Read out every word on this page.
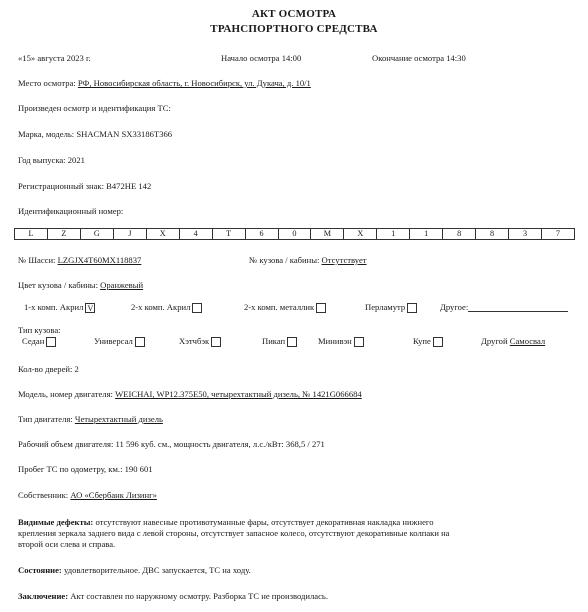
АКТ ОСМОТРА
ТРАНСПОРТНОГО СРЕДСТВА
«15» августа 2023 г.	Начало осмотра 14:00	Окончание осмотра 14:30
Место осмотра: РФ, Новосибирская область, г. Новосибирск, ул. Дукача, д. 10/1
Произведен осмотр и идентификация ТС:
Марка, модель: SHACMAN SX33186T366
Год выпуска: 2021
Регистрационный знак: В472НЕ 142
Идентификационный номер:
L	Z	G	J	X	4	T	6	0	M	X	1	1	8	8	3	7
№ Шасси: LZGJX4T60MX118837	№ кузова / кабины: Отсутствует
Цвет кузова / кабины: Оранжевый
1-х комп. Акрил V	2-х комп. Акрил	2-х комп. металлик	Перламутр	Другое:
Тип кузова:
Седан	Универсал	Хэтчбэк	Пикап	Минивэн	Купе	Другой Самосвал
Кол-во дверей: 2
Модель, номер двигателя: WEICHAI, WP12.375E50, четырехтактный дизель, № 1421G066684
Тип двигателя: Четырехтактный дизель
Рабочий объем двигателя: 11 596 куб. см., мощность двигателя, л.с./кВт: 368,5 / 271
Пробег ТС по одометру, км.: 190 601
Собственник: АО «Сбербанк Лизинг»
Видимые дефекты: отсутствуют навесные противотуманные фары, отсутствует декоративная накладка нижнего
крепления зеркала заднего вида с левой стороны, отсутствует запасное колесо, отсутствуют декоративные колпаки на
второй оси слева и справа.
Состояние: удовлетворительное. ДВС запускается, ТС на ходу.
Заключение: Акт составлен по наружному осмотру. Разборка ТС не производилась.
